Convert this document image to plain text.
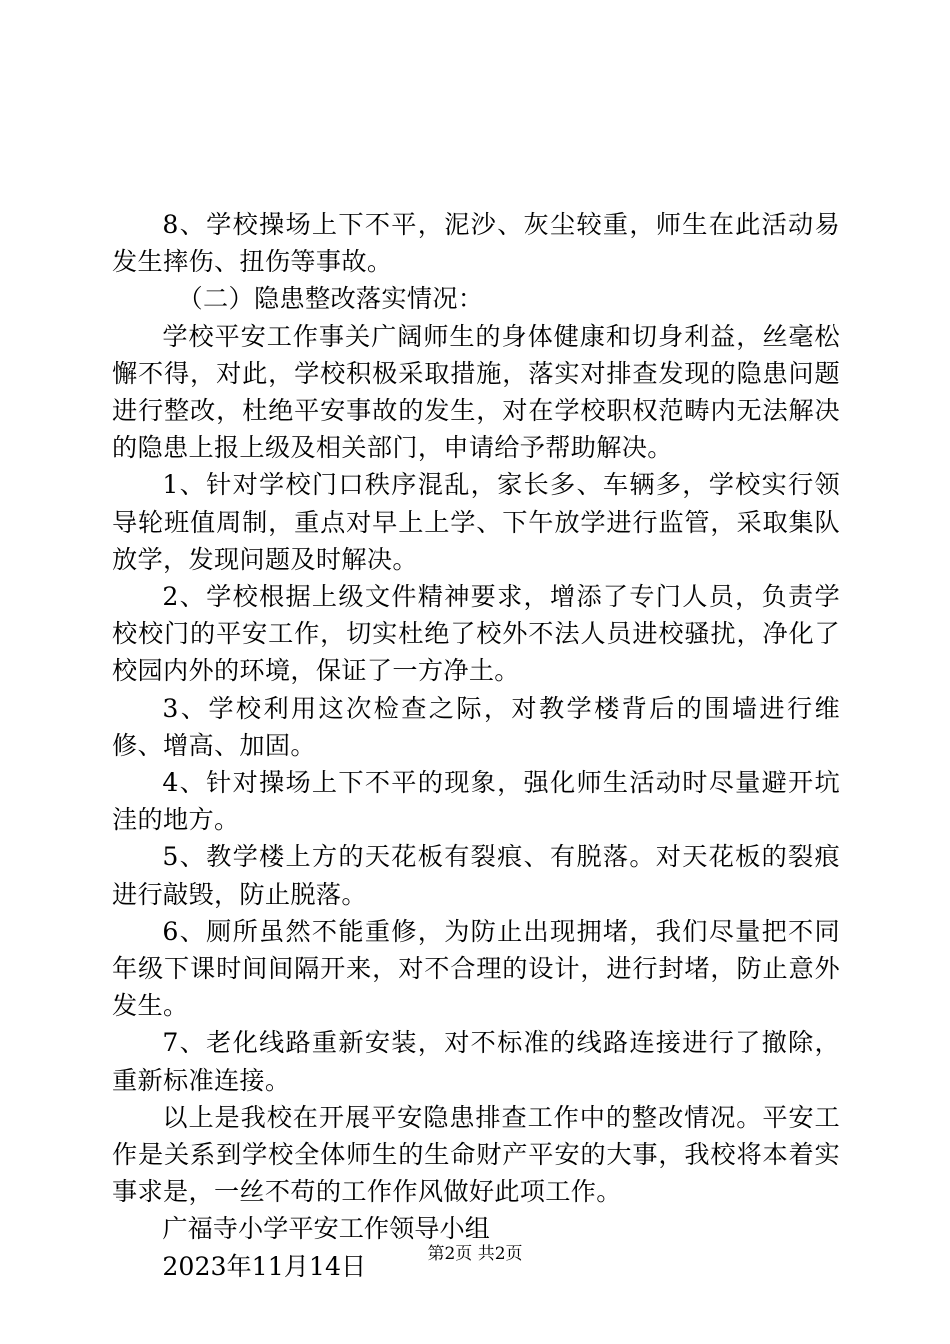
8、学校操场上下不平，泥沙、灰尘较重，师生在此活动易发生摔伤、扭伤等事故。

（二）隐患整改落实情况：

学校平安工作事关广阔师生的身体健康和切身利益，丝毫松懈不得，对此，学校积极采取措施，落实对排查发现的隐患问题进行整改，杜绝平安事故的发生，对在学校职权范畴内无法解决的隐患上报上级及相关部门，申请给予帮助解决。

1、针对学校门口秩序混乱，家长多、车辆多，学校实行领导轮班值周制，重点对早上上学、下午放学进行监管，采取集队放学，发现问题及时解决。

2、学校根据上级文件精神要求，增添了专门人员，负责学校校门的平安工作，切实杜绝了校外不法人员进校骚扰，净化了校园内外的环境，保证了一方净土。

3、学校利用这次检查之际，对教学楼背后的围墙进行维修、增高、加固。

4、针对操场上下不平的现象，强化师生活动时尽量避开坑洼的地方。

5、教学楼上方的天花板有裂痕、有脱落。对天花板的裂痕进行敲毁，防止脱落。

6、厕所虽然不能重修，为防止出现拥堵，我们尽量把不同年级下课时间间隔开来，对不合理的设计，进行封堵，防止意外发生。

7、老化线路重新安装，对不标准的线路连接进行了撤除，重新标准连接。

以上是我校在开展平安隐患排查工作中的整改情况。平安工作是关系到学校全体师生的生命财产平安的大事，我校将本着实事求是，一丝不苟的工作作风做好此项工作。

广福寺小学平安工作领导小组

2023年11月14日	第2页 共2页
